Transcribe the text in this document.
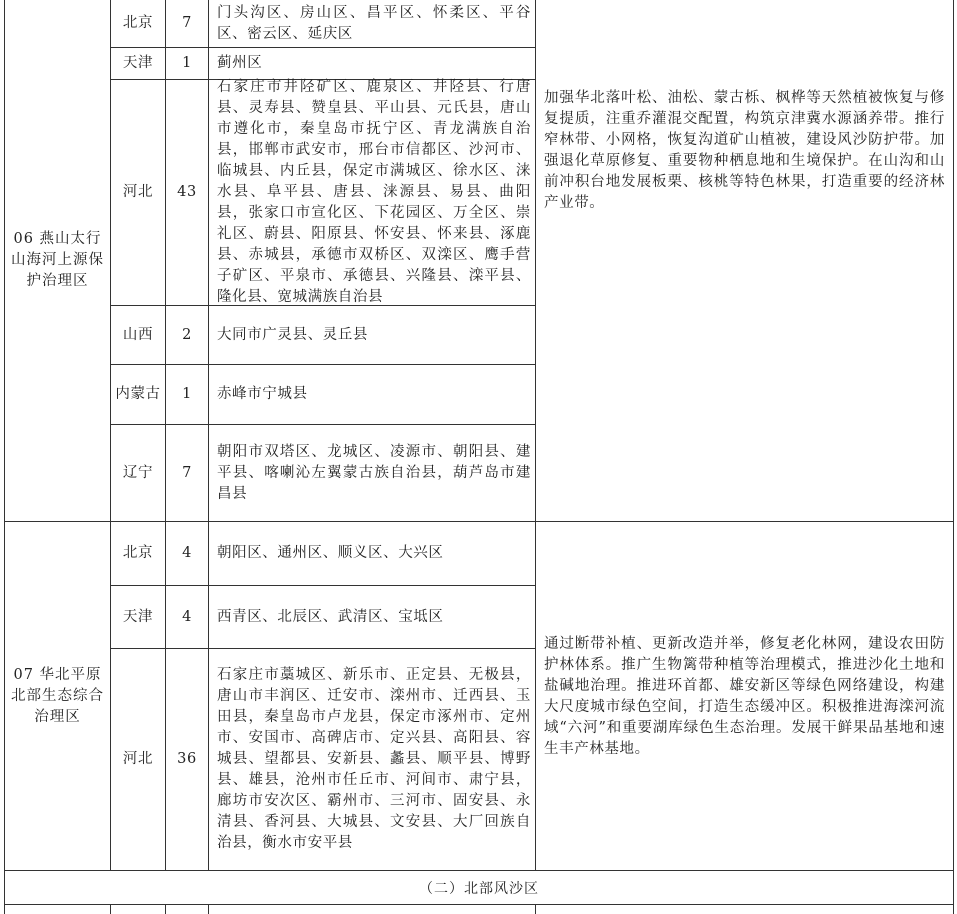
06 燕山太行山海河上源保护治理区
北京 7
门头沟区、房山区、昌平区、怀柔区、平谷区、密云区、延庆区
天津 1 蓟州区
河北 43
石家庄市井陉矿区、鹿泉区、井陉县、行唐县、灵寿县、赞皇县、平山县、元氏县，唐山市遵化市，秦皇岛市抚宁区、青龙满族自治县，邯郸市武安市，邢台市信都区、沙河市、临城县、内丘县，保定市满城区、徐水区、涞水县、阜平县、唐县、涞源县、易县、曲阳县，张家口市宣化区、下花园区、万全区、崇礼区、蔚县、阳原县、怀安县、怀来县、涿鹿县、赤城县，承德市双桥区、双滦区、鹰手营子矿区、平泉市、承德县、兴隆县、滦平县、隆化县、宽城满族自治县
山西 2 大同市广灵县、灵丘县
内蒙古 1 赤峰市宁城县
辽宁 7
朝阳市双塔区、龙城区、凌源市、朝阳县、建平县、喀喇沁左翼蒙古族自治县，葫芦岛市建昌县
加强华北落叶松、油松、蒙古栎、枫桦等天然植被恢复与修复提质，注重乔灌混交配置，构筑京津冀水源涵养带。推行窄林带、小网格，恢复沟道矿山植被，建设风沙防护带。加强退化草原修复、重要物种栖息地和生境保护。在山沟和山前冲积台地发展板栗、核桃等特色林果，打造重要的经济林产业带。
07 华北平原北部生态综合治理区
北京 4 朝阳区、通州区、顺义区、大兴区
天津 4 西青区、北辰区、武清区、宝坻区
河北 36
石家庄市藁城区、新乐市、正定县、无极县，唐山市丰润区、迁安市、滦州市、迁西县、玉田县，秦皇岛市卢龙县，保定市涿州市、定州市、安国市、高碑店市、定兴县、高阳县、容城县、望都县、安新县、蠡县、顺平县、博野县、雄县，沧州市任丘市、河间市、肃宁县，廊坊市安次区、霸州市、三河市、固安县、永清县、香河县、大城县、文安县、大厂回族自治县，衡水市安平县
通过断带补植、更新改造并举，修复老化林网，建设农田防护林体系。推广生物篱带种植等治理模式，推进沙化土地和盐碱地治理。推进环首都、雄安新区等绿色网络建设，构建大尺度城市绿色空间，打造生态缓冲区。积极推进海滦河流域“六河”和重要湖库绿色生态治理。发展干鲜果品基地和速生丰产林基地。
（二）北部风沙区
